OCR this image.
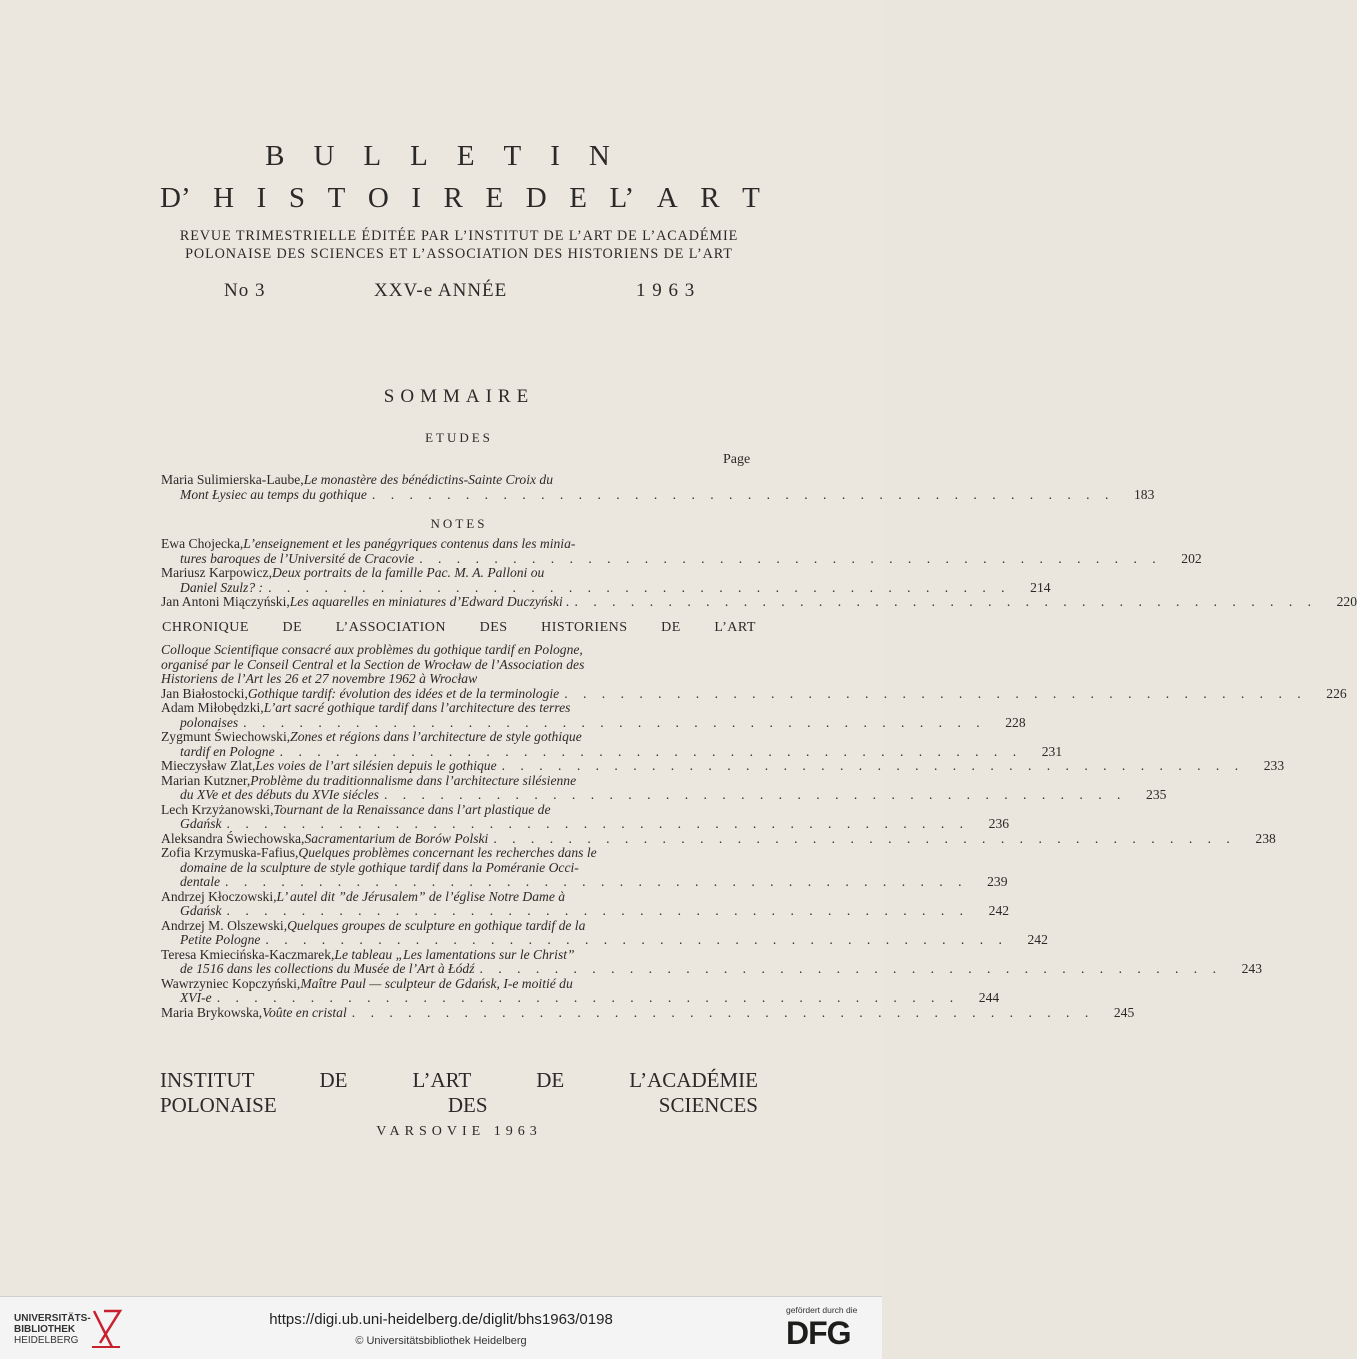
BULLETIN
D’ H I S T O I R E D E L’ A R T
REVUE TRIMESTRIELLE ÉDITÉE PAR L’INSTITUT DE L’ART DE L’ACADÉMIE
POLONAISE DES SCIENCES ET L’ASSOCIATION DES HISTORIENS DE L’ART
No 3	XXV-e ANNÉE	1 9 6 3
SOMMAIRE
ETUDES
Page
NOTES
CHRONIQUE DE L’ASSOCIATION DES HISTORIENS DE L’ART
Maria Sulimierska-Laube, Le monastère des bénédictins-Sainte Croix du
Mont Łysiec au temps du gothique . . . . . . . . . . . . . . . . . . . . . . . . . . . . . . . . . . . . . . . .	183
Ewa Chojecka, L’enseignement et les panégyriques contenus dans les minia-
tures baroques de l’Université de Cracovie . . . . . . . . . . . . . . . . . . . . . . . . . . . . . . . . . . . . . . . .	202
Mariusz Karpowicz, Deux portraits de la famille Pac. M. A. Palloni ou
Daniel Szulz? : . . . . . . . . . . . . . . . . . . . . . . . . . . . . . . . . . . . . . . . .	214
Jan Antoni Miączyński, Les aquarelles en miniatures d’Edward Duczyński . . . . . . . . . . . . . . . . . . . . . . . . . . . . . . . . . . . . . . . . .	220
Colloque Scientifique consacré aux problèmes du gothique tardif en Pologne,
organisé par le Conseil Central et la Section de Wrocław de l’Association des
Historiens de l’Art les 26 et 27 novembre 1962 à Wrocław
Jan Białostocki, Gothique tardif: évolution des idées et de la terminologie . . . . . . . . . . . . . . . . . . . . . . . . . . . . . . . . . . . . . . . .	226
Adam Miłobędzki, L’art sacré gothique tardif dans l’architecture des terres
polonaises . . . . . . . . . . . . . . . . . . . . . . . . . . . . . . . . . . . . . . . .	228
Zygmunt Świechowski, Zones et régions dans l’architecture de style gothique
tardif en Pologne . . . . . . . . . . . . . . . . . . . . . . . . . . . . . . . . . . . . . . . .	231
Mieczysław Zlat, Les voies de l’art silésien depuis le gothique . . . . . . . . . . . . . . . . . . . . . . . . . . . . . . . . . . . . . . . .	233
Marian Kutzner, Problème du traditionnalisme dans l’architecture silésienne
du XVe et des débuts du XVIe siécles . . . . . . . . . . . . . . . . . . . . . . . . . . . . . . . . . . . . . . . .	235
Lech Krzyżanowski, Tournant de la Renaissance dans l’art plastique de
Gdańsk . . . . . . . . . . . . . . . . . . . . . . . . . . . . . . . . . . . . . . . .	236
Aleksandra Świechowska, Sacramentarium de Borów Polski . . . . . . . . . . . . . . . . . . . . . . . . . . . . . . . . . . . . . . . .	238
Zofia Krzymuska-Fafius, Quelques problèmes concernant les recherches dans le
domaine de la sculpture de style gothique tardif dans la Poméranie Occi-
dentale . . . . . . . . . . . . . . . . . . . . . . . . . . . . . . . . . . . . . . . .	239
Andrzej Kłoczowski, L’ autel dit ”de Jérusalem” de l’église Notre Dame à
Gdańsk . . . . . . . . . . . . . . . . . . . . . . . . . . . . . . . . . . . . . . . .	242
Andrzej M. Olszewski, Quelques groupes de sculpture en gothique tardif de la
Petite Pologne . . . . . . . . . . . . . . . . . . . . . . . . . . . . . . . . . . . . . . . .	242
Teresa Kmiecińska-Kaczmarek, Le tableau „Les lamentations sur le Christ”
de 1516 dans les collections du Musée de l’Art à Łódź . . . . . . . . . . . . . . . . . . . . . . . . . . . . . . . . . . . . . . . .	243
Wawrzyniec Kopczyński, Maître Paul — sculpteur de Gdańsk, I-e moitié du
XVI-e . . . . . . . . . . . . . . . . . . . . . . . . . . . . . . . . . . . . . . . .	244
Maria Brykowska, Voûte en cristal . . . . . . . . . . . . . . . . . . . . . . . . . . . . . . . . . . . . . . . .	245
INSTITUT	DE	L’ART	DE	L’ACADÉMIE
POLONAISE	DES	SCIENCES
VARSOVIE 1963
UNIVERSITÄTS-
BIBLIOTHEK
HEIDELBERG
https://digi.ub.uni-heidelberg.de/diglit/bhs1963/0198
© Universitätsbibliothek Heidelberg
gefördert durch die
DFG
